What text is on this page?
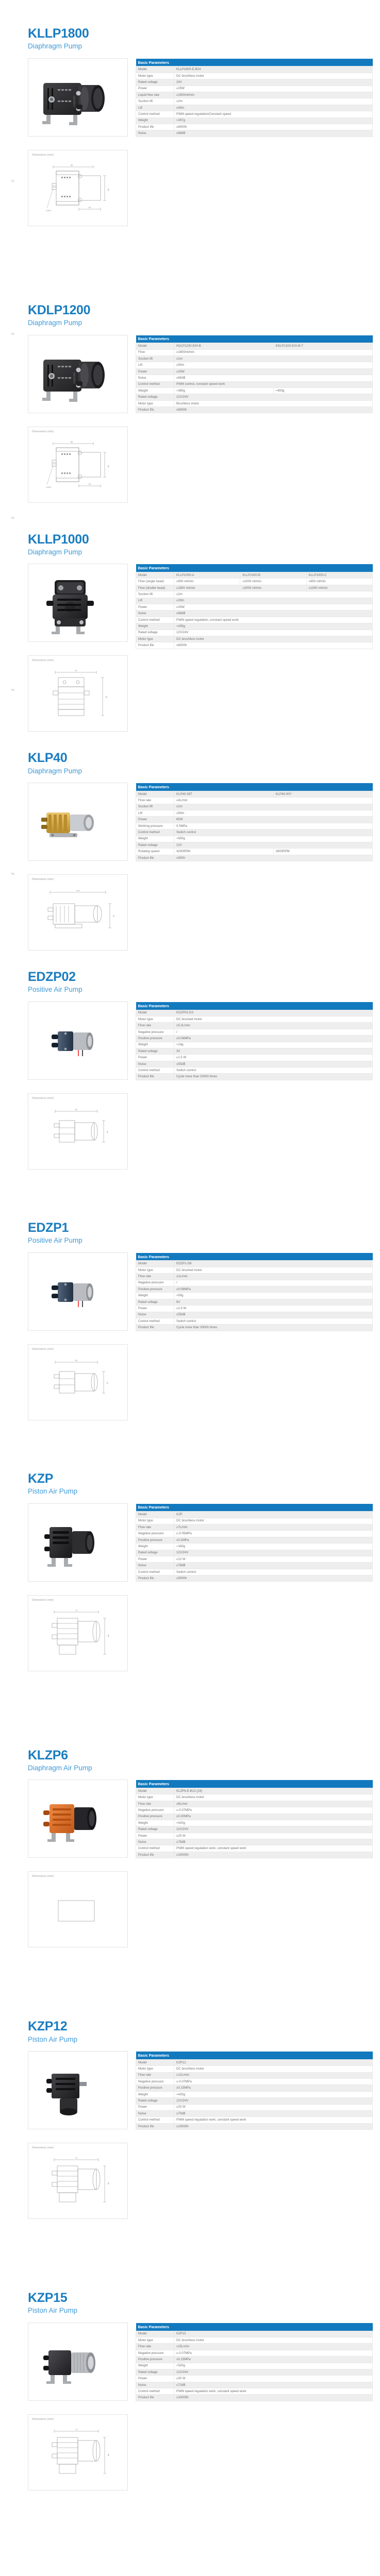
KLLP1800
Diaphragm Pump
KAMOER
Dimensions (mm)
56
48
60
4-Ø3.5
Basic Parameters	
Model	KLLP1800-E-B24
Motor type	DC brushless motor
Rated voltage	24V
Power	≤25W
Liquid flow rate	≥1500ml/min
Suction lift	≥2m
Lift	≥40m
Control method	PWM speed regulation/Constant speed
Weight	≈297g
Product life	≥6000h
Noise	≤68dB
KDLP1200
Diaphragm Pump
KAMOER
Dimensions (mm)
56
48
60
4-Ø3.5
Basic Parameters		
Model	KDLP1200-E/H-B	KDLP1200-E/H-B-T
Flow	≥1800ml/min	
Suction lift	≥1m	
Lift	≥50m	
Power	≤20W	
Noise	≤65dB	
Control method	PWM control, constant speed work	
Weight	≈360g	≈400g
Rated voltage	12V/24V	
Motor type	Brushless motor	
Product life	≥6000h	
KLLP1000
Diaphragm Pump
Dimensions (mm)
78
95
Basic Parameters			
Model	KLLP1000-A	KLLP1000-B	KLLP1000-C
Flow (single head)	≥900 ml/min	≥1000 ml/min	≥950 ml/min
Flow (double head)	≥1800 ml/min	≥2000 ml/min	≥1900 ml/min
Suction lift	≥2m		
Lift	≥20m		
Power	≤20W		
Noise	≤68dB		
Control method	PWM speed regulation, constant speed work		
Weight	≈435g		
Rated voltage	12V/24V		
Motor type	DC brushless motor		
Product life	≥6000h		
KLP40
Diaphragm Pump
Dimensions (mm)
118
52
Basic Parameters		
Model	KLP40-08T	KLP40-00Y
Flow rate	≥4L/min	
Suction lift	≥1m	
Lift	≥50m	
Power	60W	
Working pressure	0.5MPa	
Control method	Switch control	
Weight	≈600g	
Rated voltage	12V	
Rotating speed	4200RPM	2800RPM
Product life	≥500h	
EDZP02
Positive Air Pump
Dimensions (mm)
52
34
Basic Parameters	
Model	EDZP02-D3
Motor type	DC brushed motor
Flow rate	≥0.2L/min
Negative pressure	/
Positive pressure	≥0.06MPa
Weight	≈14g
Rated voltage	3V
Power	≤1.5 W
Noise	≤55dB
Control method	Switch control
Product life	Cycle more than 30000 times
EDZP1
Positive Air Pump
Dimensions (mm)
52
34
Basic Parameters	
Model	EDZP1-D6
Motor type	DC brushed motor
Flow rate	≥1L/min
Negative pressure	/
Positive pressure	≥0.08MPa
Weight	≈50g
Rated voltage	6V
Power	≤2.5 W
Noise	≤55dB
Control method	Switch control
Product life	Cycle more than 30000 times
KZP
Piston Air Pump
Dimensions (mm)
74
66
Basic Parameters	
Model	KZP
Motor type	DC brushless motor
Flow rate	≥7L/min
Negative pressure	≤-0.05MPa
Positive pressure	≥0.2MPa
Weight	≈160g
Rated voltage	12V/24V
Power	≤12 W
Noise	≤78dB
Control method	Switch control
Product life	≥5000h
KLZP6
Diaphragm Air Pump
Dimensions (mm)
Basic Parameters	
Model	KLZP6-E-B12 (24)
Motor type	DC brushless motor
Flow rate	≥8L/min
Negative pressure	≤-0.07MPa
Positive pressure	≥0.20MPa
Weight	≈420g
Rated voltage	12V/24V
Power	≤20 W
Noise	≤75dB
Control method	PWM speed regulation work, constant speed work
Product life	≥10000h
KZP12
Piston Air Pump
Dimensions (mm)
74
66
Basic Parameters	
Model	KZP12
Motor type	DC brushless motor
Flow rate	≥12L/min
Negative pressure	≤-0.07MPa
Positive pressure	≥0.15MPa
Weight	≈420g
Rated voltage	12V/24V
Power	≤25 W
Noise	≤70dB
Control method	PWM speed regulation work, constant speed work
Product life	≥10000h
KZP15
Piston Air Pump
Dimensions (mm)
74
66
Basic Parameters	
Model	KZP15
Motor type	DC brushless motor
Flow rate	≥15L/min
Negative pressure	≤-0.07MPa
Positive pressure	≥0.15MPa
Weight	≈520g
Rated voltage	12V/24V
Power	≤30 W
Noise	≤72dB
Control method	PWM speed regulation work, constant speed work
Product life	≥10000h
01
02
03
04
05
